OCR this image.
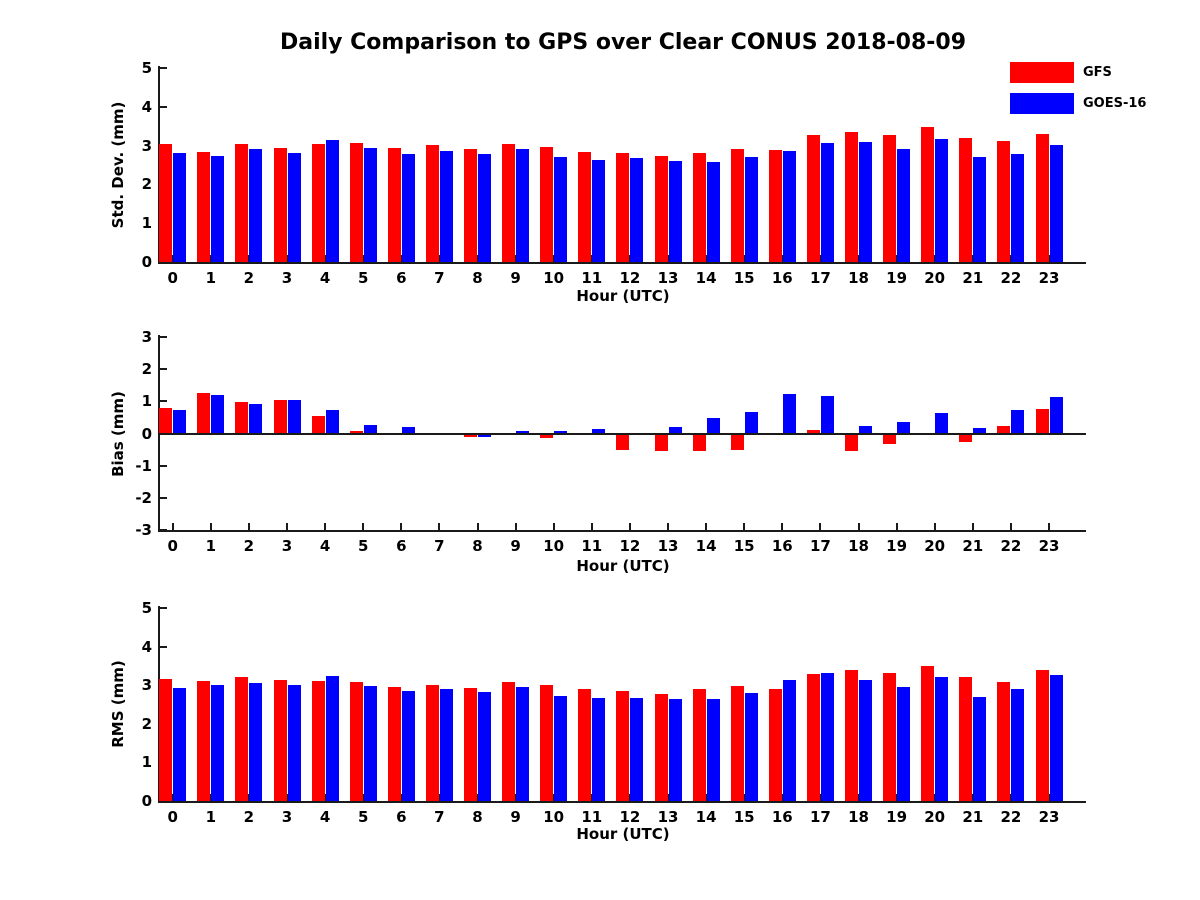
Daily Comparison to GPS over Clear CONUS 2018-08-09
GFS
GOES-16
Std. Dev. (mm)
Bias (mm)
RMS (mm)
Hour (UTC)
Hour (UTC)
Hour (UTC)
0
1
2
3
4
5
0	1	2	3	4	5	6	7	8	9	10	11	12	13	14	15	16	17	18	19	20	21	22	23
-3
-2
-1
0
1
2
3
0	1	2	3	4	5	6	7	8	9	10	11	12	13	14	15	16	17	18	19	20	21	22	23
0
1
2
3
4
5
0	1	2	3	4	5	6	7	8	9	10	11	12	13	14	15	16	17	18	19	20	21	22	23
